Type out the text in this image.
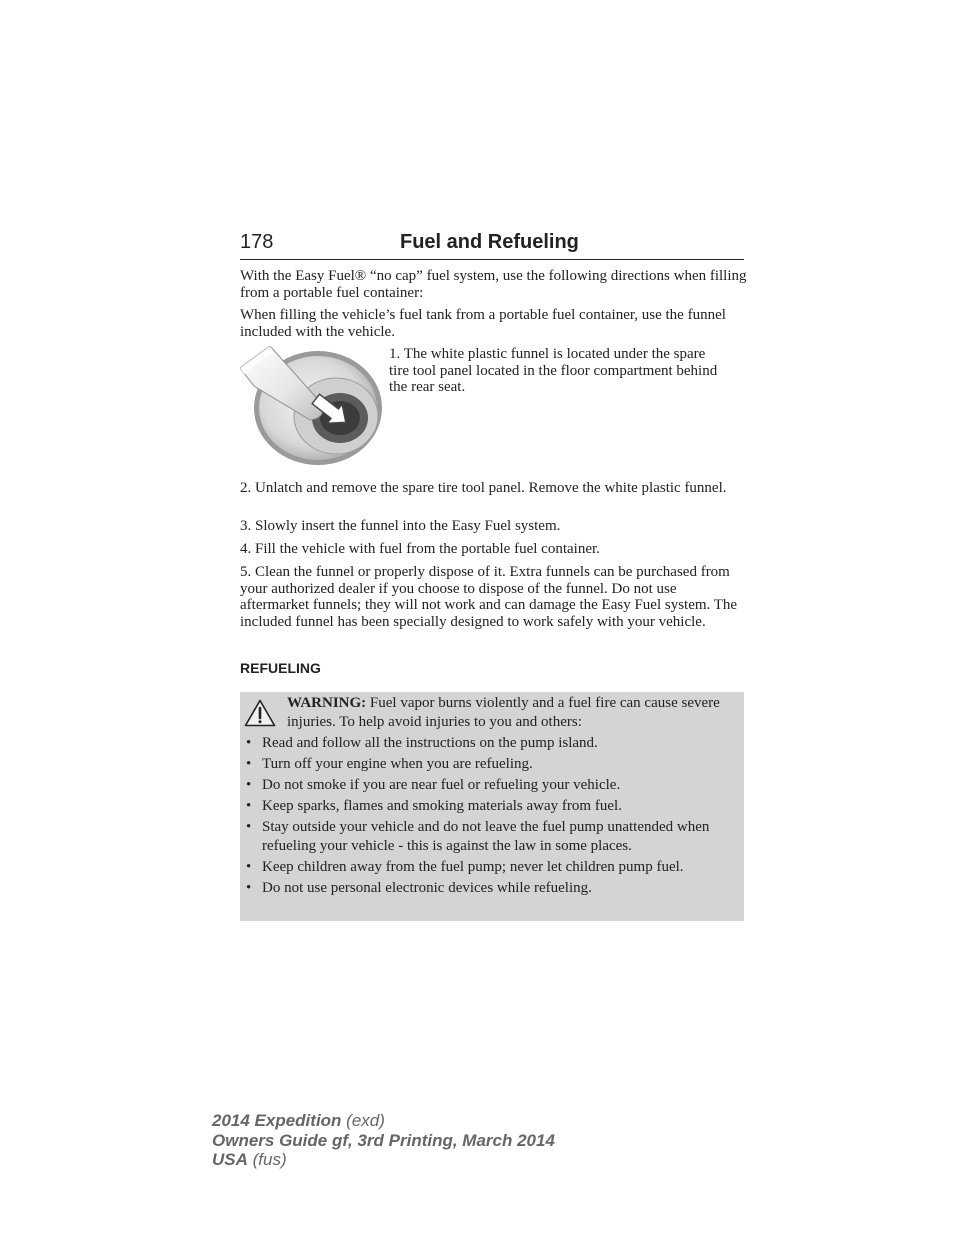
178	Fuel and Refueling

With the Easy Fuel® “no cap” fuel system, use the following directions when filling from a portable fuel container:

When filling the vehicle’s fuel tank from a portable fuel container, use the funnel included with the vehicle.

1. The white plastic funnel is located under the spare tire tool panel located in the floor compartment behind the rear seat.

2. Unlatch and remove the spare tire tool panel. Remove the white plastic funnel.

3. Slowly insert the funnel into the Easy Fuel system.

4. Fill the vehicle with fuel from the portable fuel container.

5. Clean the funnel or properly dispose of it. Extra funnels can be purchased from your authorized dealer if you choose to dispose of the funnel. Do not use aftermarket funnels; they will not work and can damage the Easy Fuel system. The included funnel has been specially designed to work safely with your vehicle.

REFUELING

WARNING: Fuel vapor burns violently and a fuel fire can cause severe injuries. To help avoid injuries to you and others:

• Read and follow all the instructions on the pump island.
• Turn off your engine when you are refueling.
• Do not smoke if you are near fuel or refueling your vehicle.
• Keep sparks, flames and smoking materials away from fuel.
• Stay outside your vehicle and do not leave the fuel pump unattended when refueling your vehicle - this is against the law in some places.
• Keep children away from the fuel pump; never let children pump fuel.
• Do not use personal electronic devices while refueling.
2014 Expedition (exd)
Owners Guide gf, 3rd Printing, March 2014
USA (fus)
